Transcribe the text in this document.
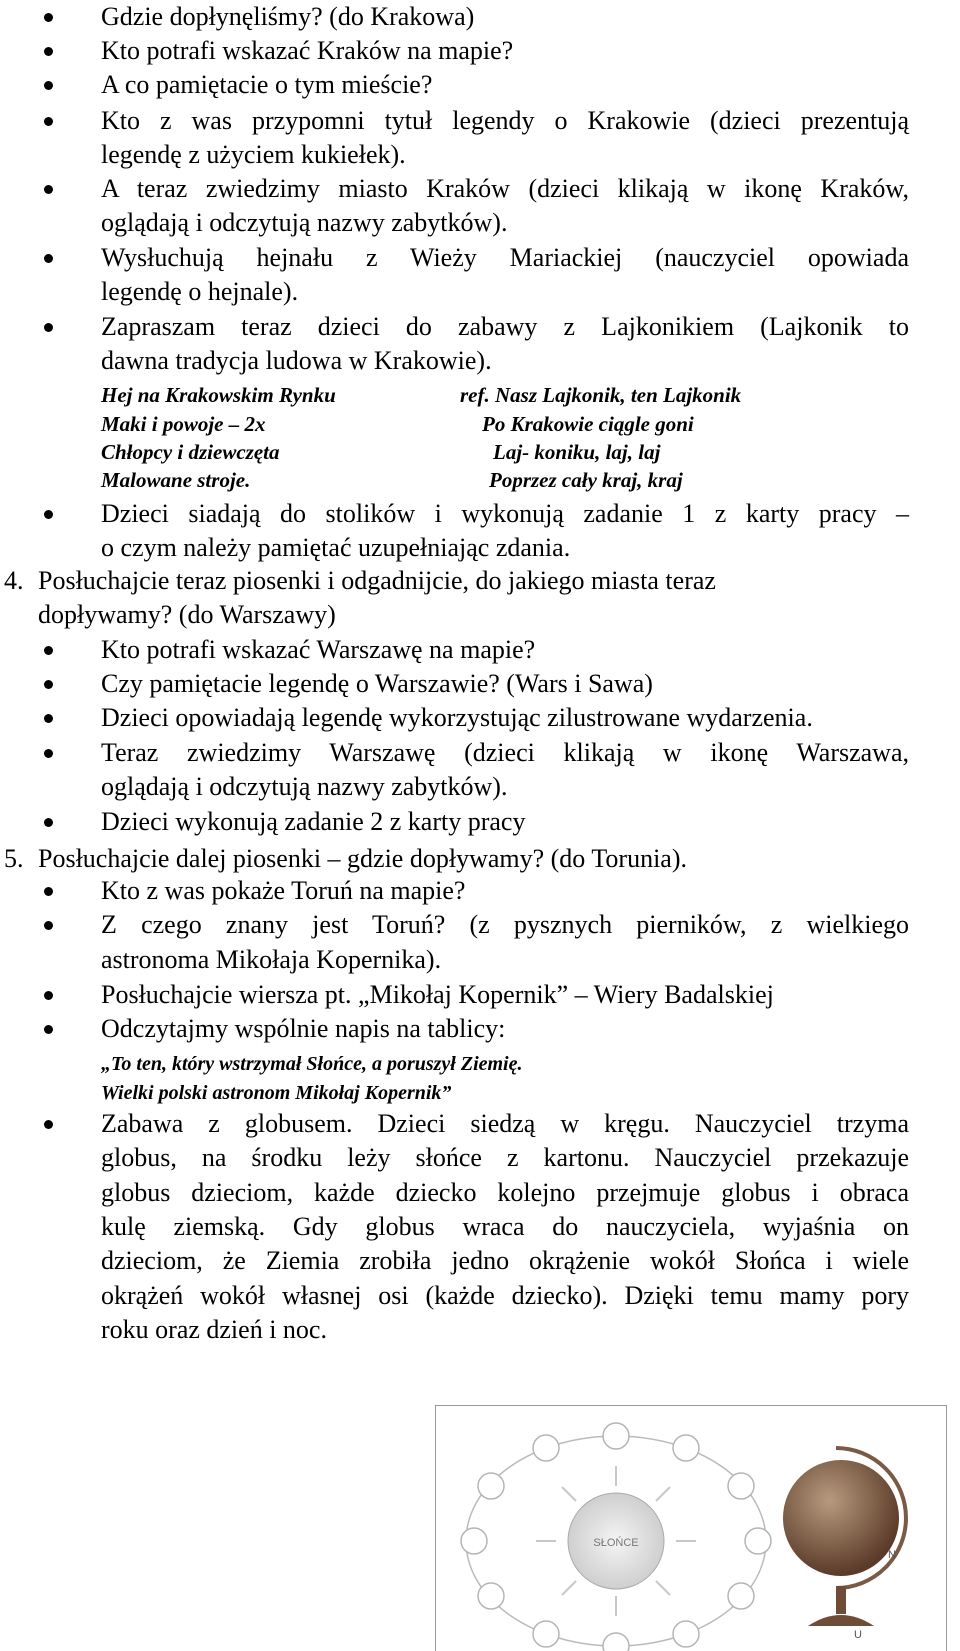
4.
5.
Gdzie dopłynęliśmy? (do Krakowa)
Kto potrafi wskazać Kraków na mapie?
A co pamiętacie o tym mieście?
Kto z was przypomni tytuł legendy o Krakowie (dzieci prezentują
legendę z użyciem kukiełek).
A teraz zwiedzimy miasto Kraków (dzieci klikają w ikonę Kraków,
oglądają i odczytują nazwy zabytków).
Wysłuchują hejnału z Wieży Mariackiej (nauczyciel opowiada
legendę o hejnale).
Zapraszam teraz dzieci do zabawy z Lajkonikiem (Lajkonik to
dawna tradycja ludowa w Krakowie).
Hej na Krakowskim Rynku
Maki i powoje – 2x
Chłopcy i dziewczęta
Malowane stroje.
ref. Nasz Lajkonik, ten Lajkonik
Po Krakowie ciągle goni
Laj- koniku, laj, laj
Poprzez cały kraj, kraj
Dzieci siadają do stolików i wykonują zadanie 1 z karty pracy –
o czym należy pamiętać uzupełniając zdania.
Posłuchajcie teraz piosenki i odgadnijcie, do jakiego miasta teraz
dopływamy? (do Warszawy)
Kto potrafi wskazać Warszawę na mapie?
Czy pamiętacie legendę o Warszawie? (Wars i Sawa)
Dzieci opowiadają legendę wykorzystując zilustrowane wydarzenia.
Teraz zwiedzimy Warszawę (dzieci klikają w ikonę Warszawa,
oglądają i odczytują nazwy zabytków).
Dzieci wykonują zadanie 2 z karty pracy
Posłuchajcie dalej piosenki – gdzie dopływamy? (do Torunia).
Kto z was pokaże Toruń na mapie?
Z czego znany jest Toruń? (z pysznych pierników, z wielkiego
astronoma Mikołaja Kopernika).
Posłuchajcie wiersza pt. „Mikołaj Kopernik” – Wiery Badalskiej
Odczytajmy wspólnie napis na tablicy:
„To ten, który wstrzymał Słońce, a poruszył Ziemię.
Wielki polski astronom Mikołaj Kopernik”
Zabawa z globusem. Dzieci siedzą w kręgu. Nauczyciel trzyma
globus, na środku leży słońce z kartonu. Nauczyciel przekazuje
globus dzieciom, każde dziecko kolejno przejmuje globus i obraca
kulę ziemską. Gdy globus wraca do nauczyciela, wyjaśnia on
dzieciom, że Ziemia zrobiła jedno okrążenie wokół Słońca i wiele
okrążeń wokół własnej osi (każde dziecko). Dzięki temu mamy pory
roku oraz dzień i noc.
SŁOŃCE
N
U
